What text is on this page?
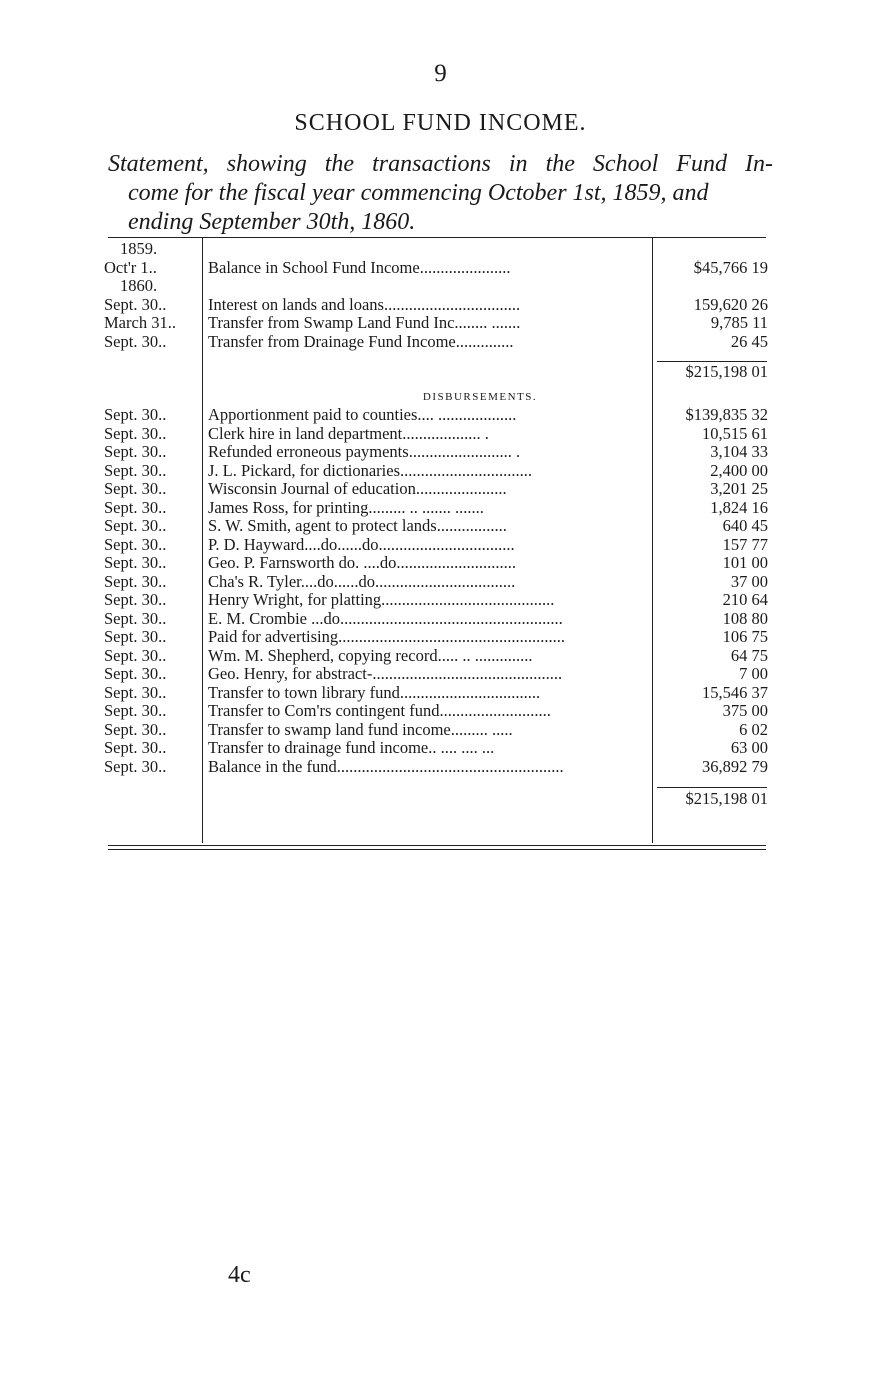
9
SCHOOL FUND INCOME.
Statement, showing the transactions in the School Fund In-
come for the fiscal year commencing October 1st, 1859, and
ending September 30th, 1860.
1859.
Oct'r 1..	Balance in School Fund Income......................	$45,766 19
1860.
Sept. 30..	Interest on lands and loans.................................	159,620 26
March 31..	Transfer from Swamp Land Fund Inc........ .......	9,785 11
Sept. 30..	Transfer from Drainage Fund Income..............	26 45
$215,198 01
DISBURSEMENTS.
Sept. 30..	Apportionment paid to counties.... ...................	$139,835 32
Sept. 30..	Clerk hire in land department................... .	10,515 61
Sept. 30..	Refunded erroneous payments......................... .	3,104 33
Sept. 30..	J. L. Pickard, for dictionaries................................	2,400 00
Sept. 30..	Wisconsin Journal of education......................	3,201 25
Sept. 30..	James Ross, for printing......... .. ....... .......	1,824 16
Sept. 30..	S. W. Smith, agent to protect lands.................	640 45
Sept. 30..	P. D. Hayward....do......do.................................	157 77
Sept. 30..	Geo. P. Farnsworth do. ....do.............................	101 00
Sept. 30..	Cha's R. Tyler....do......do..................................	37 00
Sept. 30..	Henry Wright, for platting..........................................	210 64
Sept. 30..	E. M. Crombie ...do......................................................	108 80
Sept. 30..	Paid for advertising.......................................................	106 75
Sept. 30..	Wm. M. Shepherd, copying record..... .. ..............	64 75
Sept. 30..	Geo. Henry, for abstract-..............................................	7 00
Sept. 30..	Transfer to town library fund..................................	15,546 37
Sept. 30..	Transfer to Com'rs contingent fund...........................	375 00
Sept. 30..	Transfer to swamp land fund income......... .....	6 02
Sept. 30..	Transfer to drainage fund income.. .... .... ...	63 00
Sept. 30..	Balance in the fund.......................................................	36,892 79
$215,198 01
4c
